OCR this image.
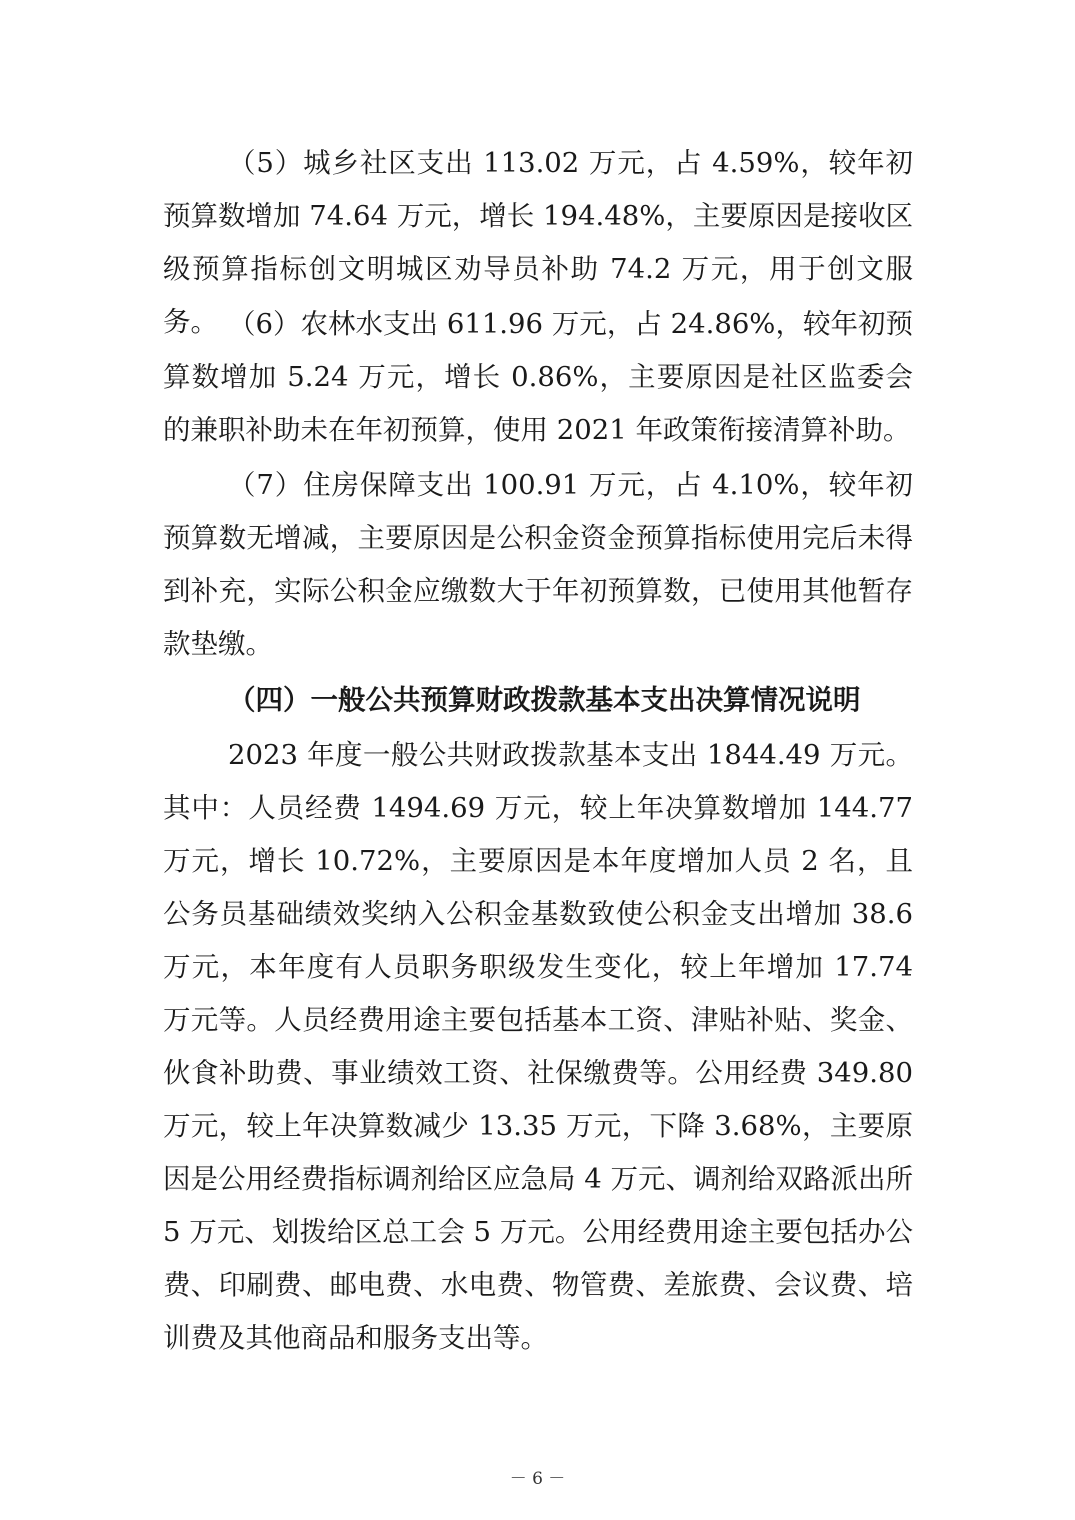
（5）城乡社区支出 113.02 万元，占 4.59%，较年初预算数增加 74.64 万元，增长 194.48%，主要原因是接收区级预算指标创文明城区劝导员补助 74.2 万元，用于创文服务。 （6）农林水支出 611.96 万元，占 24.86%，较年初预算数增加 5.24 万元，增长 0.86%，主要原因是社区监委会的兼职补助未在年初预算，使用 2021 年政策衔接清算补助。

（7）住房保障支出 100.91 万元，占 4.10%，较年初预算数无增减，主要原因是公积金资金预算指标使用完后未得到补充，实际公积金应缴数大于年初预算数，已使用其他暂存款垫缴。

（四）一般公共预算财政拨款基本支出决算情况说明

2023 年度一般公共财政拨款基本支出 1844.49 万元。其中：人员经费 1494.69 万元，较上年决算数增加 144.77 万元，增长 10.72%，主要原因是本年度增加人员 2 名，且公务员基础绩效奖纳入公积金基数致使公积金支出增加 38.6 万元，本年度有人员职务职级发生变化，较上年增加 17.74 万元等。人员经费用途主要包括基本工资、津贴补贴、奖金、伙食补助费、事业绩效工资、社保缴费等。公用经费 349.80 万元，较上年决算数减少 13.35 万元，下降 3.68%，主要原因是公用经费指标调剂给区应急局 4 万元、调剂给双路派出所 5 万元、划拨给区总工会 5 万元。公用经费用途主要包括办公费、印刷费、邮电费、水电费、物管费、差旅费、会议费、培训费及其他商品和服务支出等。

－ 6 －
